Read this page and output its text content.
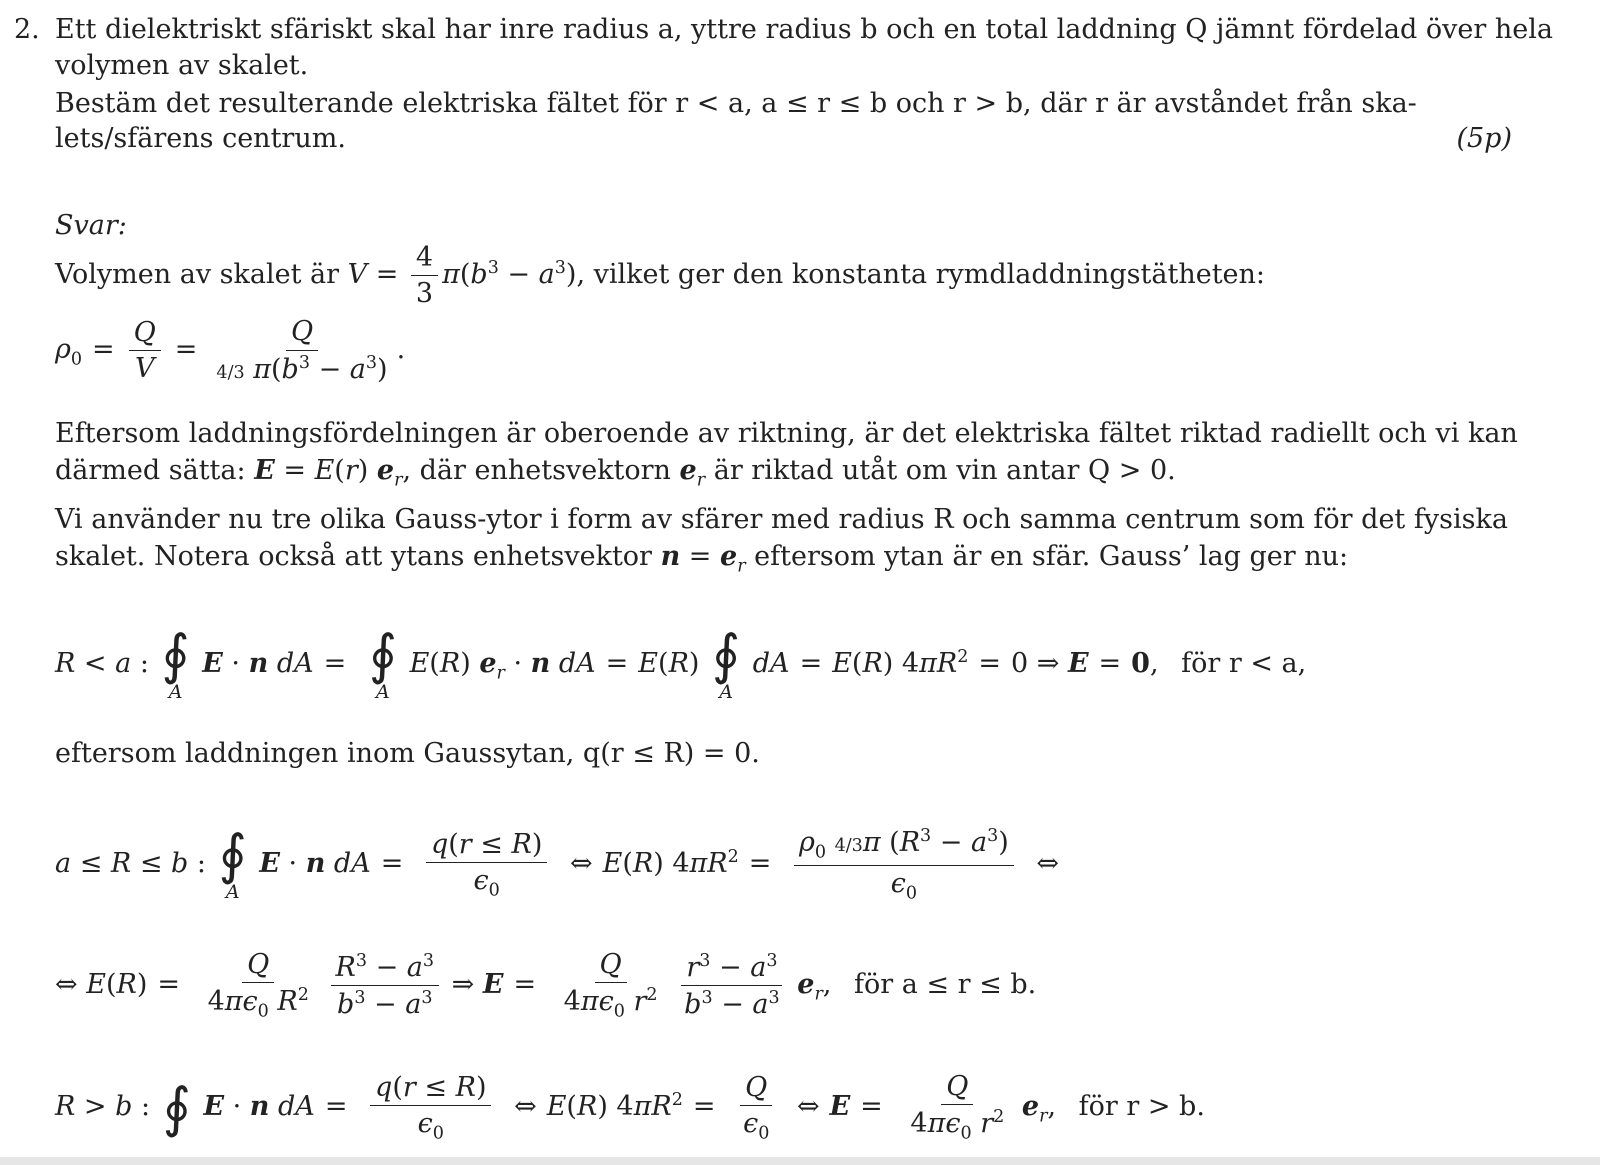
2. Ett dielektriskt sfäriskt skal har inre radius a, yttre radius b och en total laddning Q jämnt fördelad över hela
volymen av skalet.
Bestäm det resulterande elektriska fältet för r < a, a ≤ r ≤ b och r > b, där r är avståndet från ska-
lets/sfärens centrum.	(5p)
Svar:
Volymen av skalet är $V = \frac{4}{3} \pi(b^3 - a^3)$, vilket ger den konstanta rymdladdningstätheten:
$\rho_0 = \frac{Q}{V} = \frac{Q}{4/3 \pi(b^3 - a^3)}$ .
Eftersom laddningsfördelningen är oberoende av riktning, är det elektriska fältet riktad radiellt och vi kan
därmed sätta: E = E(r) $e_r$, där enhetsvektorn $e_r$ är riktad utåt om vin antar Q > 0.
Vi använder nu tre olika Gauss-ytor i form av sfärer med radius R och samma centrum som för det fysiska
skalet. Notera också att ytans enhetsvektor $n = e_r$ eftersom ytan är en sfär. Gauss’ lag ger nu:
R < a : ∮
A
E · n dA = ∮
A
E(R) $e_r \cdot n$ dA = E(R) ∮
A
dA = E(R) $4\pi R^2 = 0$ ⇒ E = 0, för r < a,
eftersom laddningen inom Gaussytan, q(r ≤ R) = 0.
a ≤ R ≤ b : ∮
A
E · n dA = $\frac{q(r \le R)}{\epsilon_0}$ ⇔ E(R) $4\pi R^2 = \frac{\rho_0 4/3\pi (R^3 - a^3)}{\epsilon_0}$ ⇔
⇔ $E(R) = \frac{Q}{4\pi\epsilon_0 R^2}$
$\frac{R^3 - a^3}{b^3 - a^3}$ ⇒ $E = \frac{Q}{4\pi\epsilon_0 r^2}$
$\frac{r^3 - a^3}{b^3 - a^3} e_r$, för a ≤ r ≤ b.
R > b : ∮ E · n dA = $\frac{q(r \le R)}{\epsilon_0}$ ⇔ E(R) $4\pi R^2 = \frac{Q}{\epsilon_0}$ ⇔ $E = \frac{Q}{4\pi\epsilon_0 r^2} e_r$, för r > b.
